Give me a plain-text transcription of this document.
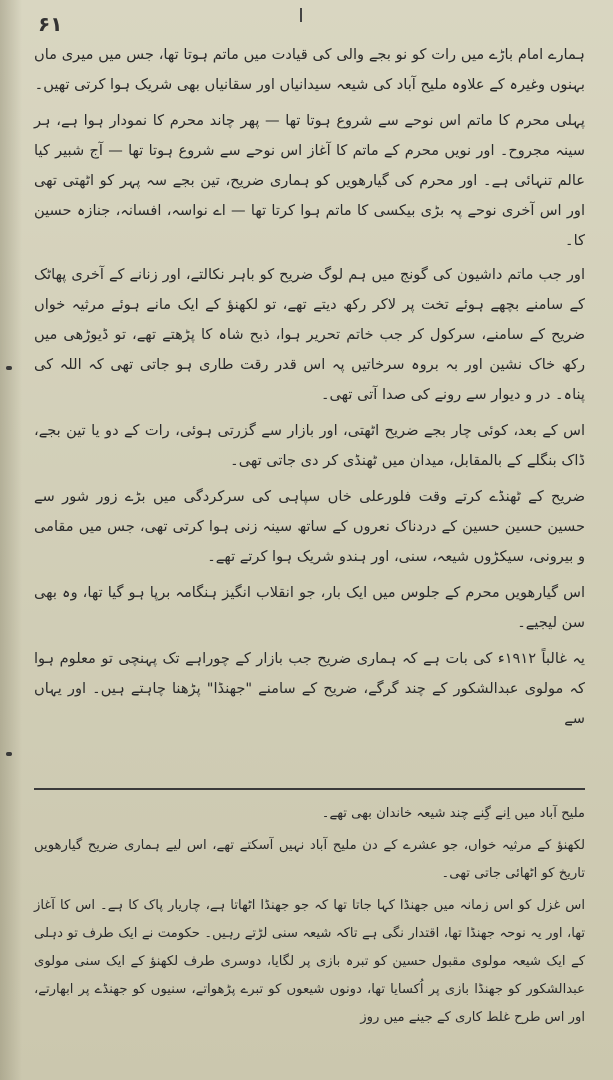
۶۱

ہمارے امام باڑے میں رات کو نو بجے والی کی قیادت میں ماتم ہوتا تھا، جس میں میری ماں بہنوں وغیرہ کے علاوہ ملیح آباد کی شیعہ سیدانیاں اور سقانیاں بھی شریک ہوا کرتی تھیں۔

پہلی محرم کا ماتم اس نوحے سے شروع ہوتا تھا — پھر چاند محرم کا نمودار ہوا ہے، ہر سینہ مجروح۔ اور نویں محرم کے ماتم کا آغاز اس نوحے سے شروع ہوتا تھا — آج شبیر کیا عالم تنہائی ہے۔ اور محرم کی گیارھویں کو ہماری ضریح، تین بجے سہ پہر کو اٹھتی تھی اور اس آخری نوحے پہ بڑی بیکسی کا ماتم ہوا کرتا تھا — اے نواسہ، افسانہ، جنازہ حسین کا۔

اور جب ماتم داشیون کی گونج میں ہم لوگ ضریح کو باہر نکالتے، اور زنانے کے آخری پھاٹک کے سامنے بچھے ہوئے تخت پر لاکر رکھ دیتے تھے، تو لکھنؤ کے ایک مانے ہوئے مرثیہ خواں ضریح کے سامنے، سرکول کر جب خاتم تحریر ہوا، ذبح شاہ کا پڑھتے تھے، تو ڈیوڑھی میں رکھ خاک نشین اور بہ بروہ سرخاتیں پہ اس قدر رقت طاری ہو جاتی تھی کہ اللہ کی پناہ۔ در و دیوار سے رونے کی صدا آتی تھی۔

اس کے بعد، کوئی چار بجے ضریح اٹھتی، اور بازار سے گزرتی ہوئی، رات کے دو یا تین بجے، ڈاک بنگلے کے بالمقابل، میدان میں ٹھنڈی کر دی جاتی تھی۔

ضریح کے ٹھنڈے کرتے وقت فلورعلی خاں سپاہی کی سرکردگی میں بڑے زور شور سے حسین حسین حسین کے دردناک نعروں کے ساتھ سینہ زنی ہوا کرتی تھی، جس میں مقامی و بیرونی، سیکڑوں شیعہ، سنی، اور ہندو شریک ہوا کرتے تھے۔

اس گیارھویں محرم کے جلوس میں ایک بار، جو انقلاب انگیز ہنگامہ برپا ہو گیا تھا، وہ بھی سن لیجیے۔

یہ غالباً ۱۹۱۲ء کی بات ہے کہ ہماری ضریح جب بازار کے چوراہے تک پہنچی تو معلوم ہوا کہ مولوی عبدالشکور کے چند گرگے، ضریح کے سامنے "جھنڈا" پڑھنا چاہتے ہیں۔ اور یہاں سے

ملیح آباد میں اِنے گِنے چند شیعہ خاندان بھی تھے۔

لکھنؤ کے مرثیہ خواں، جو عشرے کے دن ملیح آباد نہیں آسکتے تھے، اس لیے ہماری ضریح گیارھویں تاریخ کو اٹھائی جاتی تھی۔

اس غزل کو اس زمانہ میں جھنڈا کہا جاتا تھا کہ جو جھنڈا اٹھاتا ہے، چاریار پاک کا ہے۔ اس کا آغاز تھا، اور یہ نوحہ جھنڈا تھا، اقتدار نگی ہے تاکہ شیعہ سنی لڑتے رہیں۔ حکومت نے ایک طرف تو دہلی کے ایک شیعہ مولوی مقبول حسین کو تبرہ بازی پر لگایا، دوسری طرف لکھنؤ کے ایک سنی مولوی عبدالشکور کو جھنڈا بازی پر اُکسایا تھا، دونوں شیعوں کو تبرے پڑھواتے، سنیوں کو جھنڈے پر ابھارتے، اور اس طرح غلط کاری کے جینے میں روز
